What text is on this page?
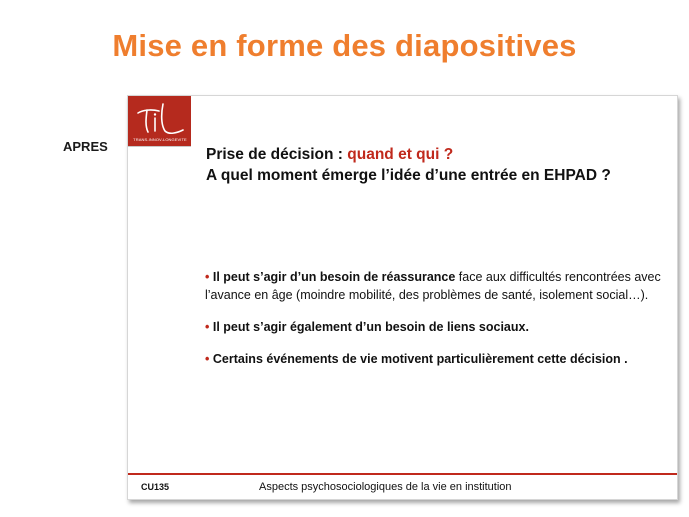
Mise en forme des diapositives
APRES	TRANS-INNOV-LONGEVITE
Prise de décision : quand et qui ?
A quel moment émerge l’idée d’une entrée en EHPAD ?
• Il peut s’agir d’un besoin de réassurance face aux difficultés rencontrées avec l’avance en âge (moindre mobilité, des problèmes de santé, isolement social…).
• Il peut s’agir également d’un besoin de liens sociaux.
• Certains événements de vie motivent particulièrement cette décision .
CU135	Aspects psychosociologiques de la vie en institution
